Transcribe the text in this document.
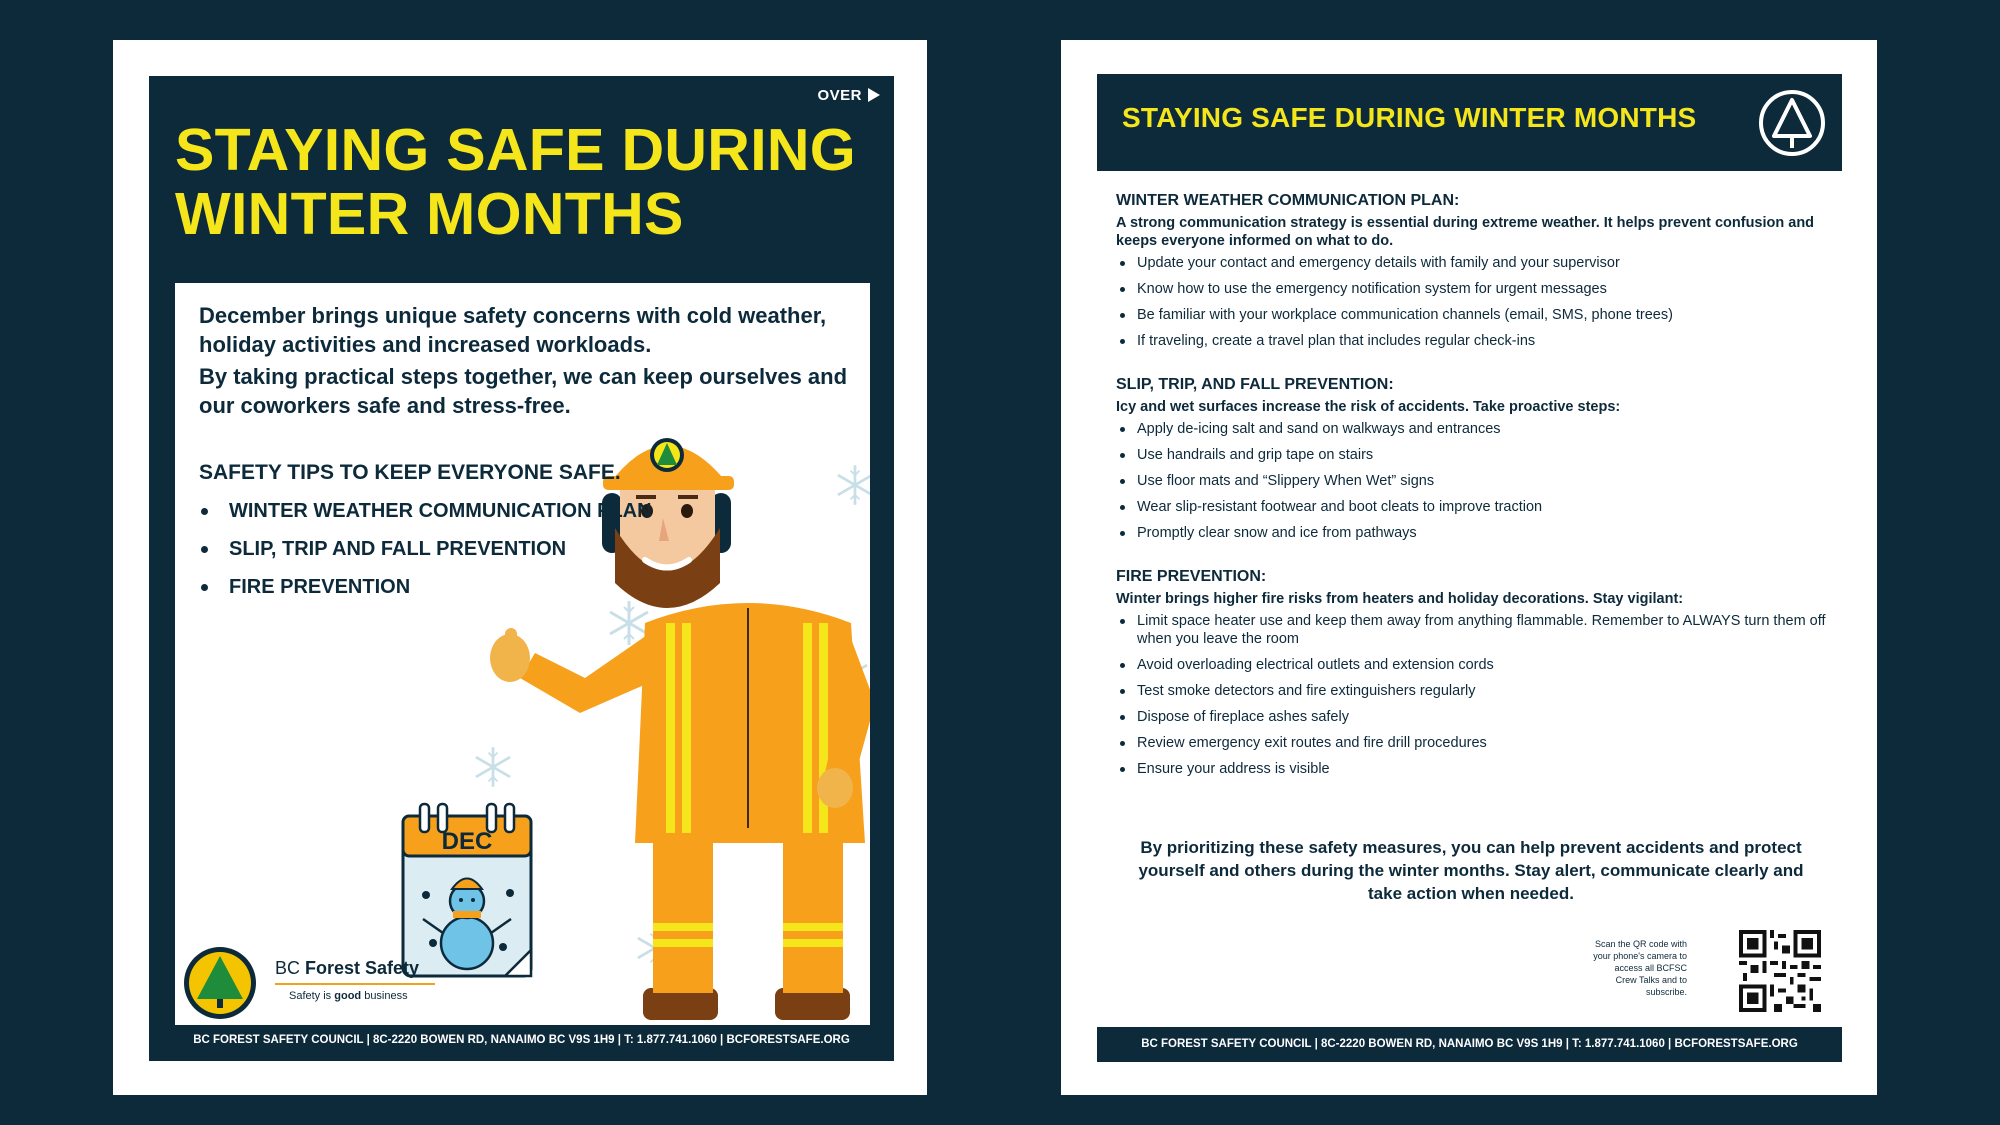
OVER
STAYING SAFE DURING
WINTER MONTHS
DEC

December brings unique safety concerns with cold weather, holiday activities and increased workloads.

By taking practical steps together, we can keep ourselves and our coworkers safe and stress-free.

SAFETY TIPS TO KEEP EVERYONE SAFE.
WINTER WEATHER COMMUNICATION PLAN
SLIP, TRIP AND FALL PREVENTION
FIRE PREVENTION
BC Forest Safety
Safety is good business
BC FOREST SAFETY COUNCIL | 8C-2220 BOWEN RD, NANAIMO BC V9S 1H9 | T: 1.877.741.1060 | BCFORESTSAFE.ORG
STAYING SAFE DURING WINTER MONTHS
WINTER WEATHER COMMUNICATION PLAN:

A strong communication strategy is essential during extreme weather. It helps prevent confusion and keeps everyone informed on what to do.

Update your contact and emergency details with family and your supervisor
Know how to use the emergency notification system for urgent messages
Be familiar with your workplace communication channels (email, SMS, phone trees)
If traveling, create a travel plan that includes regular check-ins
SLIP, TRIP, AND FALL PREVENTION:

Icy and wet surfaces increase the risk of accidents. Take proactive steps:

Apply de-icing salt and sand on walkways and entrances
Use handrails and grip tape on stairs
Use floor mats and “Slippery When Wet” signs
Wear slip-resistant footwear and boot cleats to improve traction
Promptly clear snow and ice from pathways
FIRE PREVENTION:

Winter brings higher fire risks from heaters and holiday decorations. Stay vigilant:

Limit space heater use and keep them away from anything flammable. Remember to ALWAYS turn them off when you leave the room
Avoid overloading electrical outlets and extension cords
Test smoke detectors and fire extinguishers regularly
Dispose of fireplace ashes safely
Review emergency exit routes and fire drill procedures
Ensure your address is visible

By prioritizing these safety measures, you can help prevent accidents and protect yourself and others during the winter months. Stay alert, communicate clearly and take action when needed.

Scan the QR code with your phone's camera to access all BCFSC Crew Talks and to subscribe.
BC FOREST SAFETY COUNCIL | 8C-2220 BOWEN RD, NANAIMO BC V9S 1H9 | T: 1.877.741.1060 | BCFORESTSAFE.ORG
